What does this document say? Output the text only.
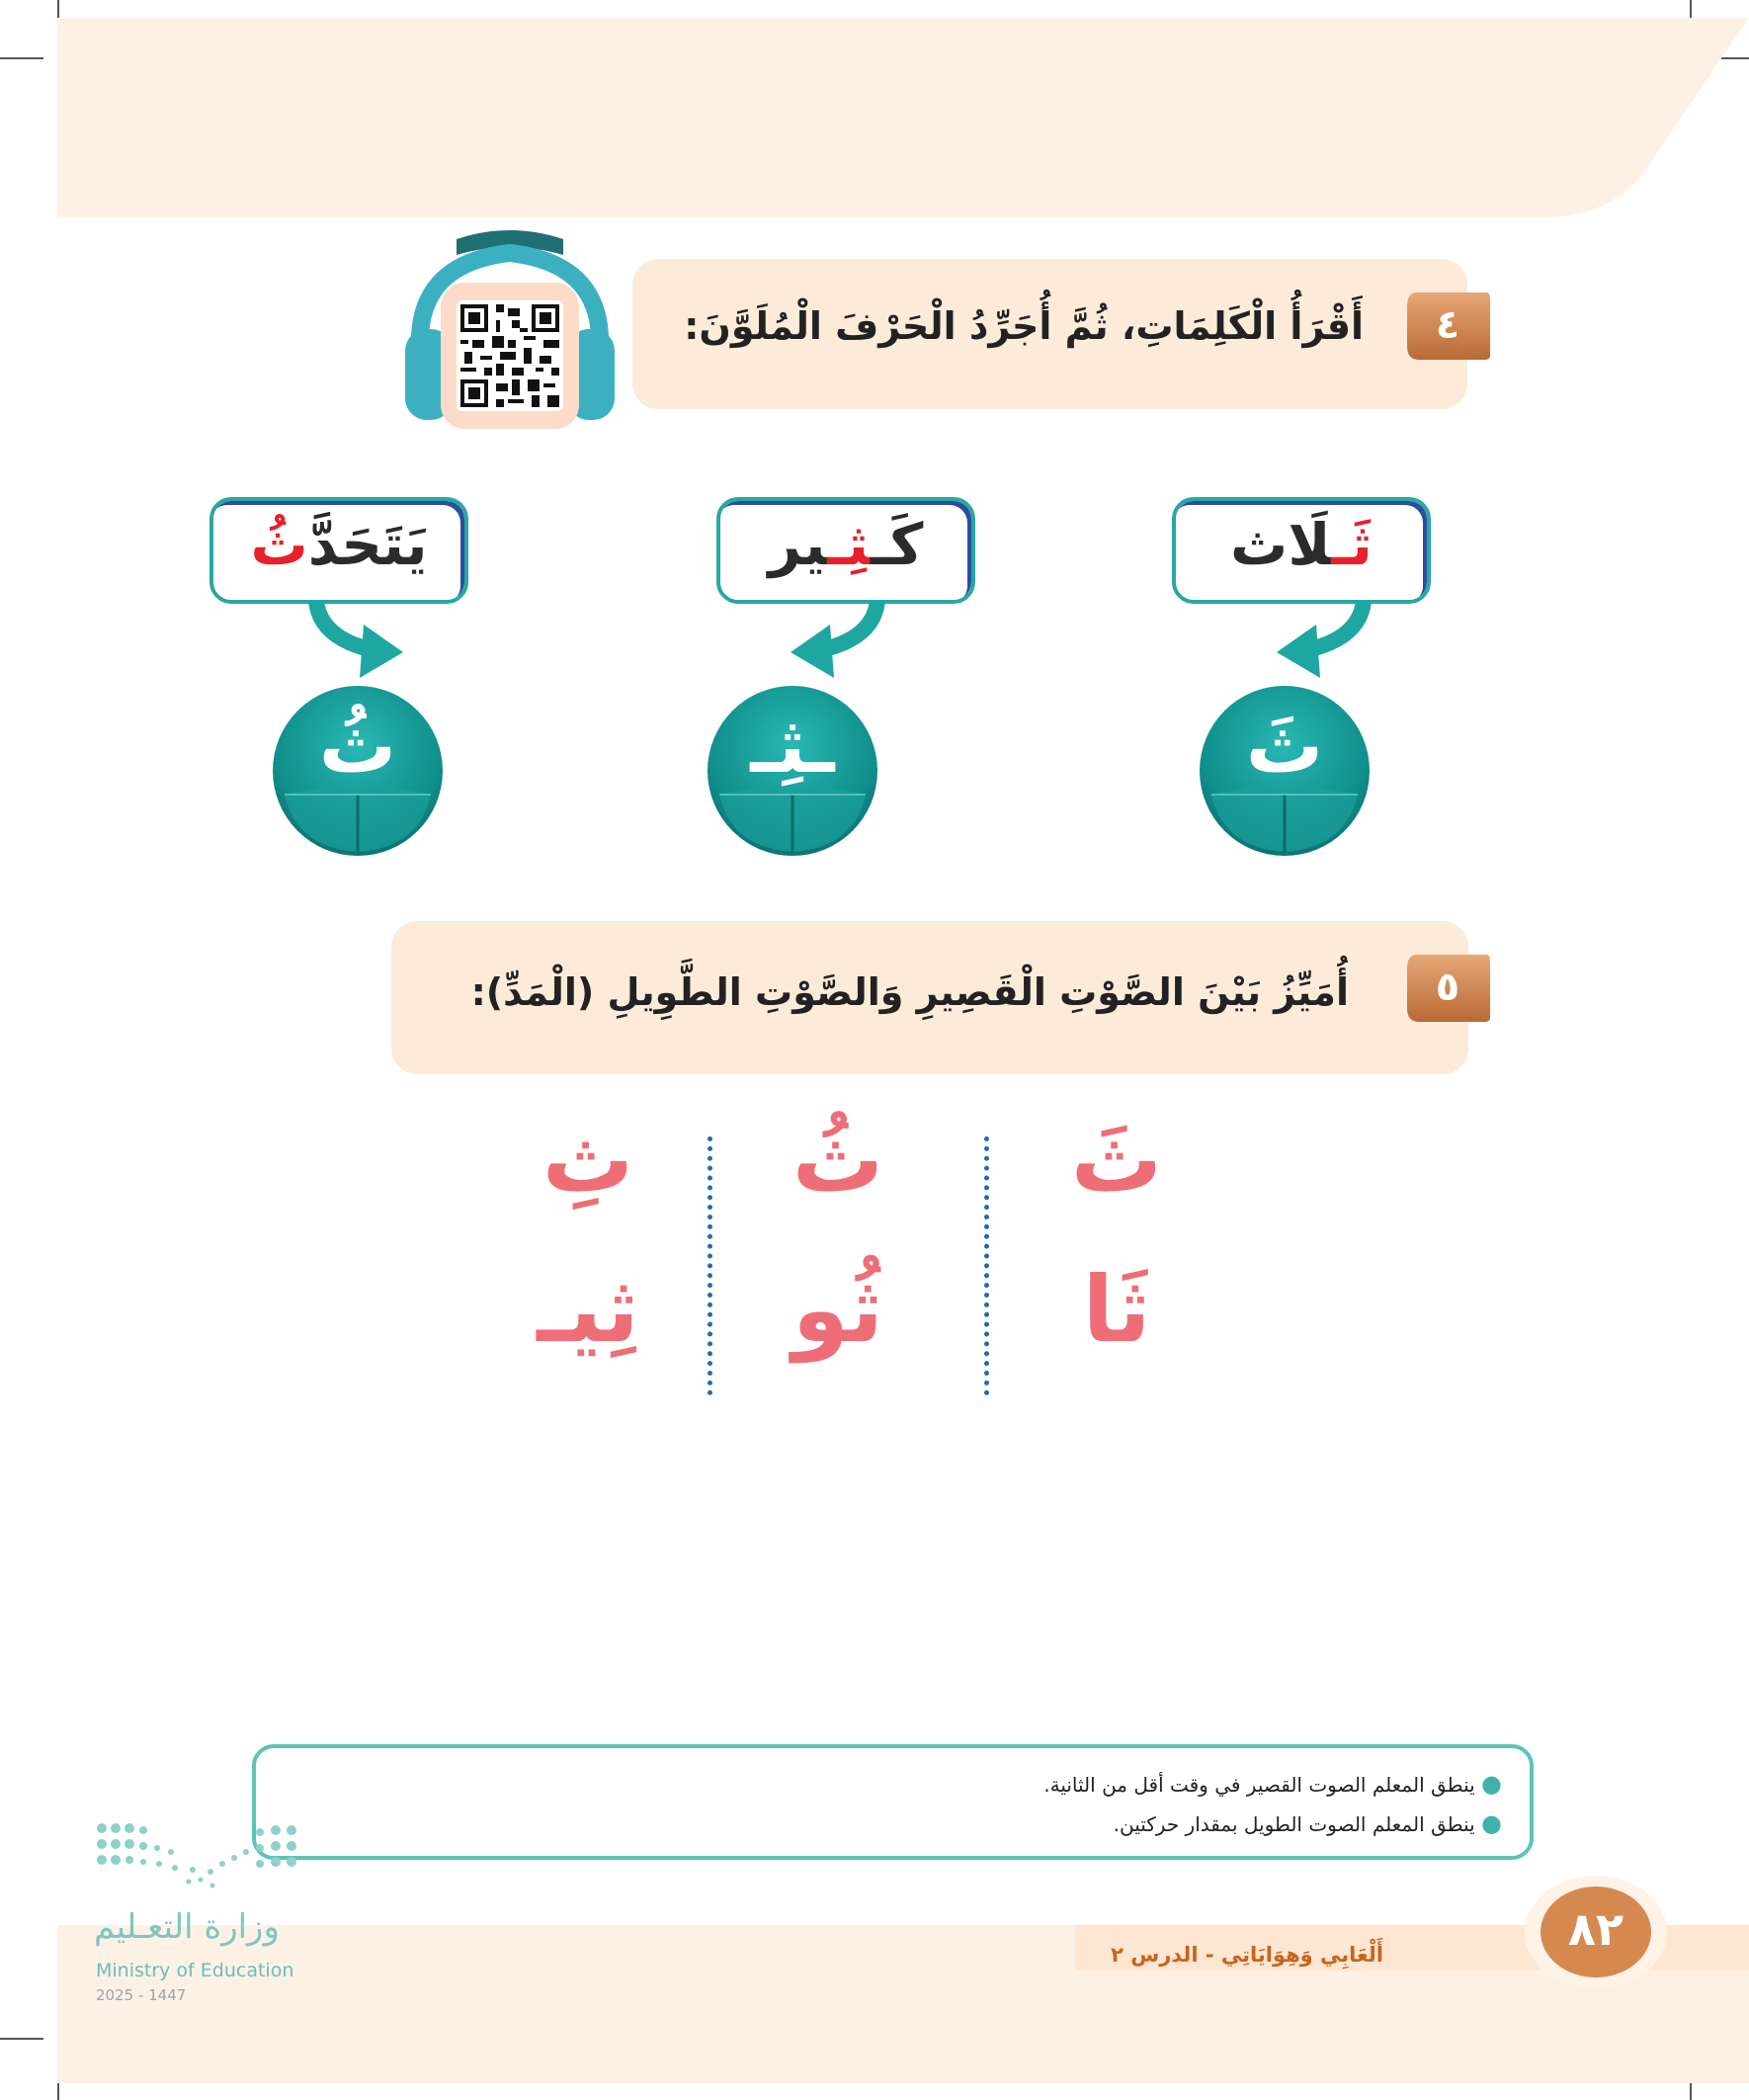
أَقْرَأُ الْكَلِمَاتِ، ثُمَّ أُجَرِّدُ الْحَرْفَ الْمُلَوَّنَ:	٤
ثَـلَاث
كَـثِـير
يَتَحَدَّثُ
ثَ
ـثِـ
ثُ
أُمَيِّزُ بَيْنَ الصَّوْتِ الْقَصِيرِ وَالصَّوْتِ الطَّوِيلِ (الْمَدِّ):	٥
ثَ
ثَا
ثُ
ثُو
ثِ
ثِيـ
● ينطق المعلم الصوت القصير في وقت أقل من الثانية.
● ينطق المعلم الصوت الطويل بمقدار حركتين.
٨٢
أَلْعَابِي وَهِوَايَاتِي - الدرس ٢
وزارة التعـليم
Ministry of Education
2025 - 1447
